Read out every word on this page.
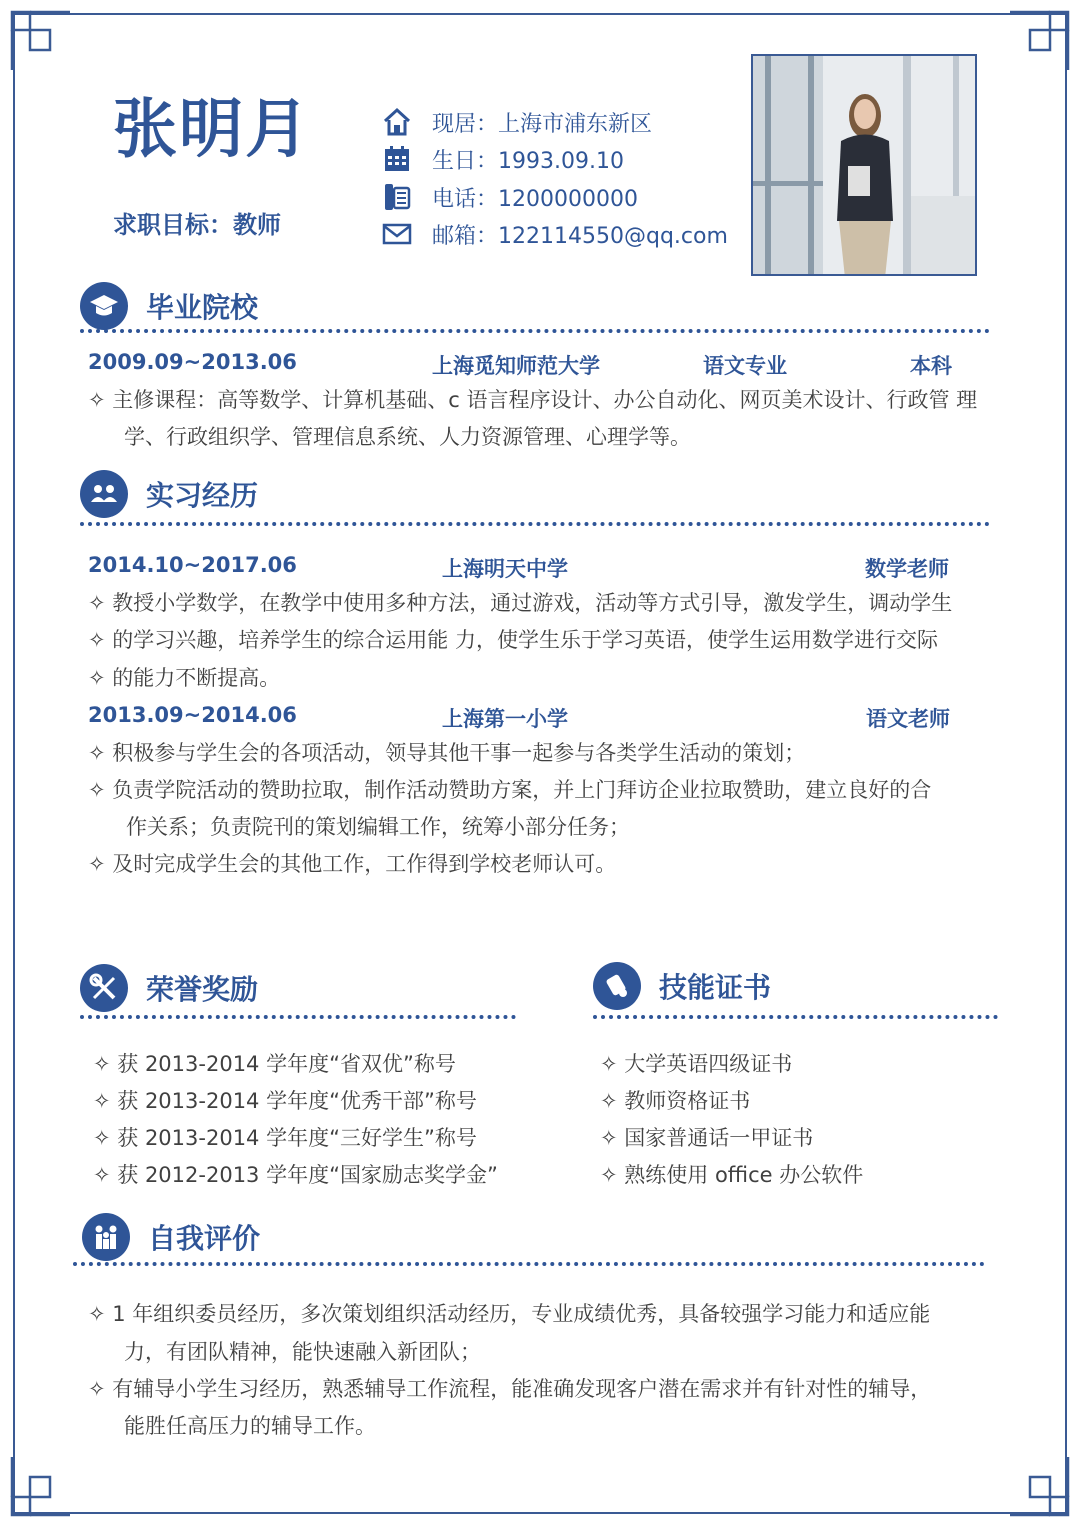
张明月
求职目标：教师
现居：上海市浦东新区
生日：1993.09.10
电话：1200000000
邮箱：122114550@qq.com
毕业院校
2009.09~2013.06	上海觅知师范大学	语文专业	本科
✧ 主修课程：高等数学、计算机基础、c 语言程序设计、办公自动化、网页美术设计、行政管 理
学、行政组织学、管理信息系统、人力资源管理、心理学等。
实习经历
2014.10~2017.06	上海明天中学	数学老师
✧ 教授小学数学，在教学中使用多种方法，通过游戏，活动等方式引导，激发学生，调动学生
✧ 的学习兴趣，培养学生的综合运用能 力，使学生乐于学习英语，使学生运用数学进行交际
✧ 的能力不断提高。
2013.09~2014.06	上海第一小学	语文老师
✧ 积极参与学生会的各项活动，领导其他干事一起参与各类学生活动的策划；
✧ 负责学院活动的赞助拉取，制作活动赞助方案，并上门拜访企业拉取赞助，建立良好的合
作关系；负责院刊的策划编辑工作，统筹小部分任务；
✧ 及时完成学生会的其他工作，工作得到学校老师认可。
荣誉奖励
✧ 获 2013-2014 学年度“省双优”称号
✧ 获 2013-2014 学年度“优秀干部”称号
✧ 获 2013-2014 学年度“三好学生”称号
✧ 获 2012-2013 学年度“国家励志奖学金”
技能证书
✧ 大学英语四级证书
✧ 教师资格证书
✧ 国家普通话一甲证书
✧ 熟练使用 office 办公软件
自我评价
✧ 1 年组织委员经历，多次策划组织活动经历，专业成绩优秀，具备较强学习能力和适应能
力，有团队精神，能快速融入新团队；
✧ 有辅导小学生习经历，熟悉辅导工作流程，能准确发现客户潜在需求并有针对性的辅导，
能胜任高压力的辅导工作。
